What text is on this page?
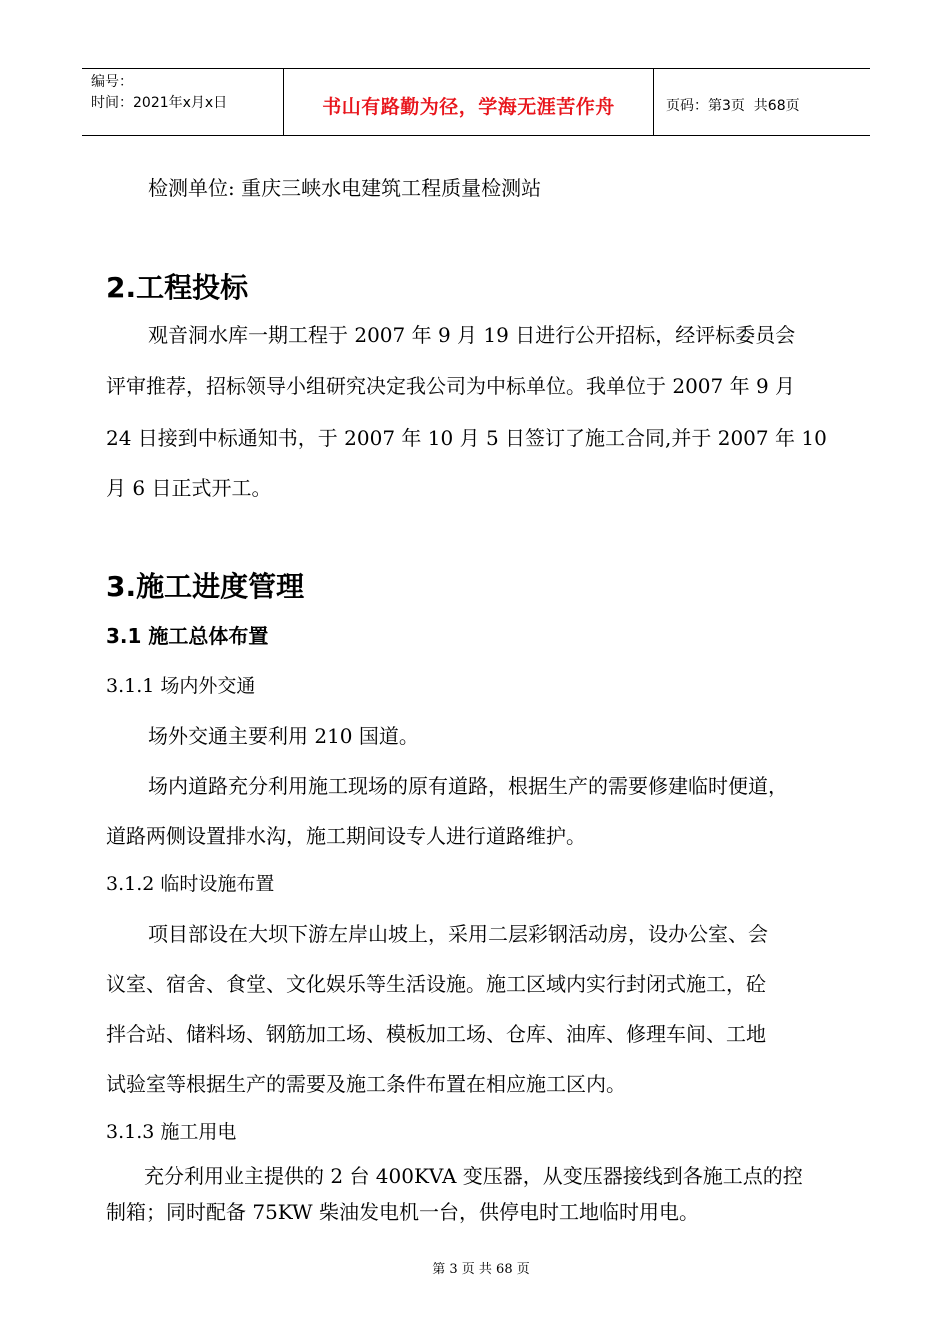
编号：
时间：2021年x月x日	书山有路勤为径，学海无涯苦作舟	页码：第3页  共68页

检测单位: 重庆三峡水电建筑工程质量检测站

2.工程投标

观音洞水库一期工程于 2007 年 9 月 19 日进行公开招标，经评标委员会

评审推荐，招标领导小组研究决定我公司为中标单位。我单位于 2007 年 9 月

24 日接到中标通知书，于 2007 年 10 月 5 日签订了施工合同,并于 2007 年 10

月 6 日正式开工。

3.施工进度管理

3.1 施工总体布置

3.1.1 场内外交通

场外交通主要利用 210 国道。

场内道路充分利用施工现场的原有道路，根据生产的需要修建临时便道，

道路两侧设置排水沟，施工期间设专人进行道路维护。

3.1.2 临时设施布置

项目部设在大坝下游左岸山坡上，采用二层彩钢活动房，设办公室、会

议室、宿舍、食堂、文化娱乐等生活设施。施工区域内实行封闭式施工，砼

拌合站、储料场、钢筋加工场、模板加工场、仓库、油库、修理车间、工地

试验室等根据生产的需要及施工条件布置在相应施工区内。

3.1.3 施工用电

充分利用业主提供的 2 台 400KVA 变压器，从变压器接线到各施工点的控

制箱；同时配备 75KW 柴油发电机一台，供停电时工地临时用电。

第 3 页 共 68 页
